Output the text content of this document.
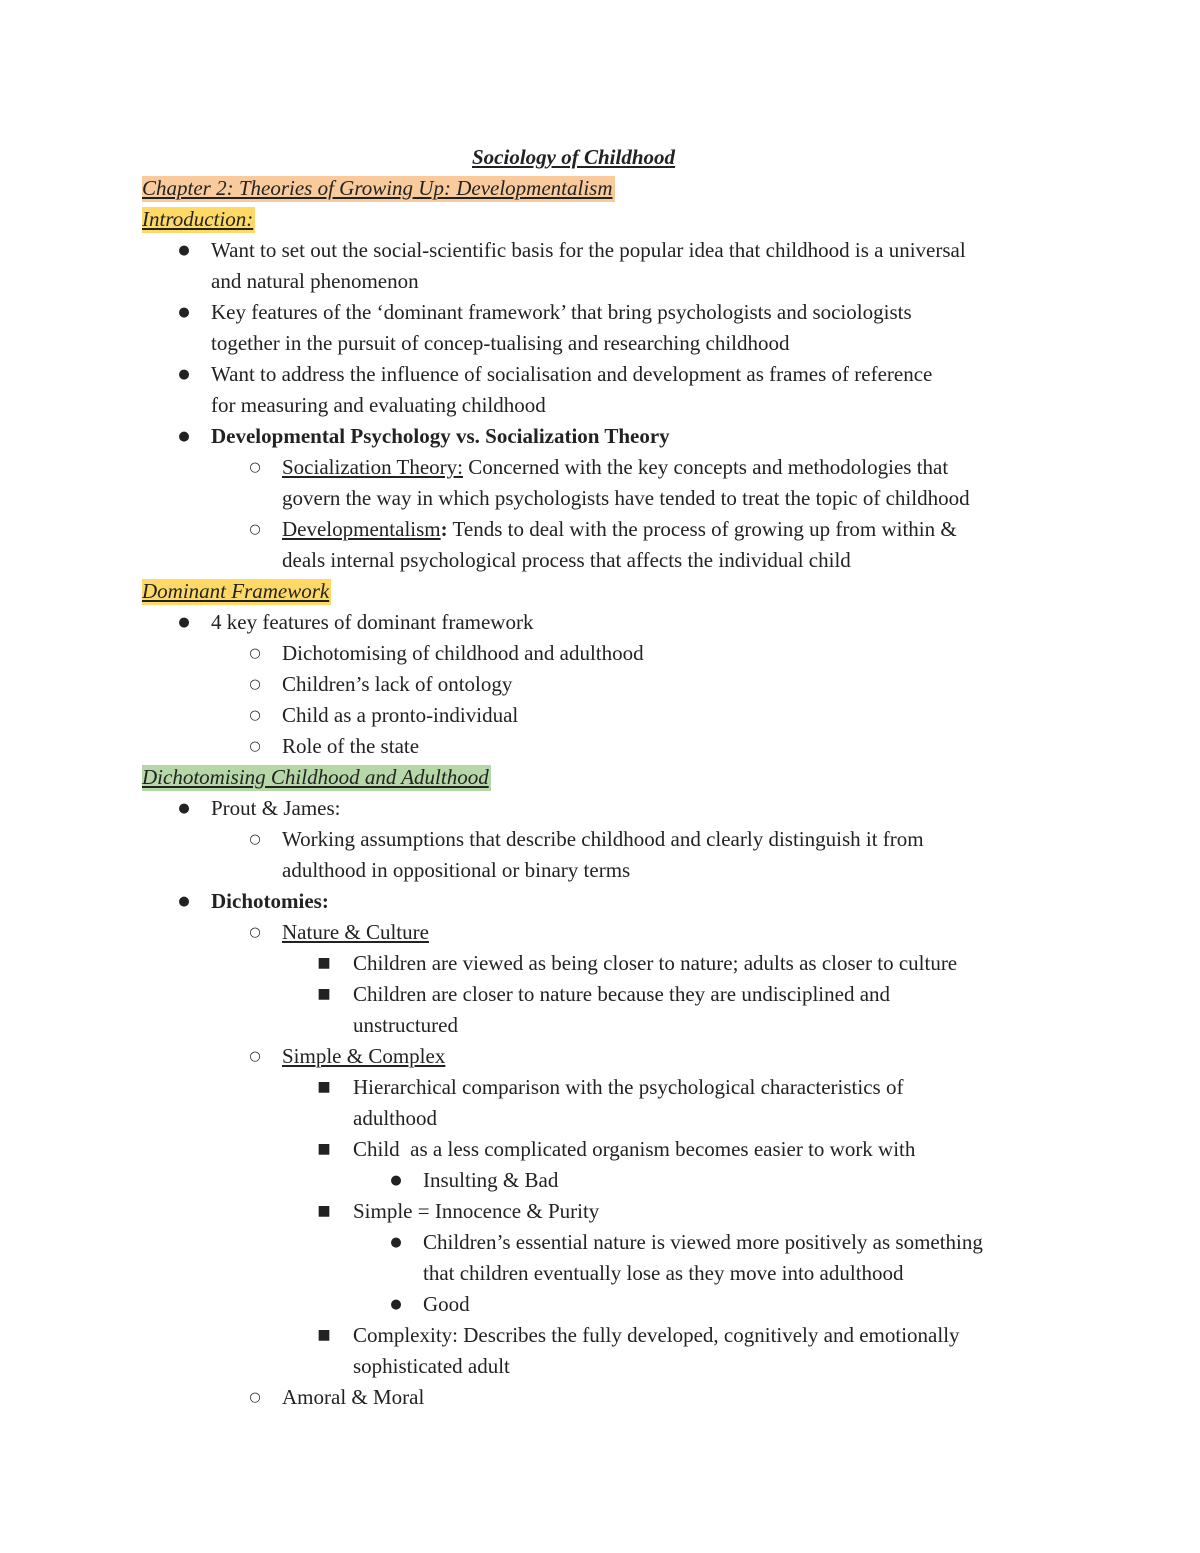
Sociology of Childhood
Chapter 2: Theories of Growing Up: Developmentalism
Introduction:
● Want to set out the social-scientific basis for the popular idea that childhood is a universal
and natural phenomenon
● Key features of the ‘dominant framework’ that bring psychologists and sociologists
together in the pursuit of concep-tualising and researching childhood
● Want to address the influence of socialisation and development as frames of reference
for measuring and evaluating childhood
● Developmental Psychology vs. Socialization Theory
○ Socialization Theory: Concerned with the key concepts and methodologies that
govern the way in which psychologists have tended to treat the topic of childhood
○ Developmentalism: Tends to deal with the process of growing up from within &
deals internal psychological process that affects the individual child
Dominant Framework
● 4 key features of dominant framework
○ Dichotomising of childhood and adulthood
○ Children’s lack of ontology
○ Child as a pronto-individual
○ Role of the state
Dichotomising Childhood and Adulthood
● Prout & James:
○ Working assumptions that describe childhood and clearly distinguish it from
adulthood in oppositional or binary terms
● Dichotomies:
○ Nature & Culture
■ Children are viewed as being closer to nature; adults as closer to culture
■ Children are closer to nature because they are undisciplined and
unstructured
○ Simple & Complex
■ Hierarchical comparison with the psychological characteristics of
adulthood
■ Child  as a less complicated organism becomes easier to work with
● Insulting & Bad
■ Simple = Innocence & Purity
● Children’s essential nature is viewed more positively as something
that children eventually lose as they move into adulthood
● Good
■ Complexity: Describes the fully developed, cognitively and emotionally
sophisticated adult
○ Amoral & Moral
